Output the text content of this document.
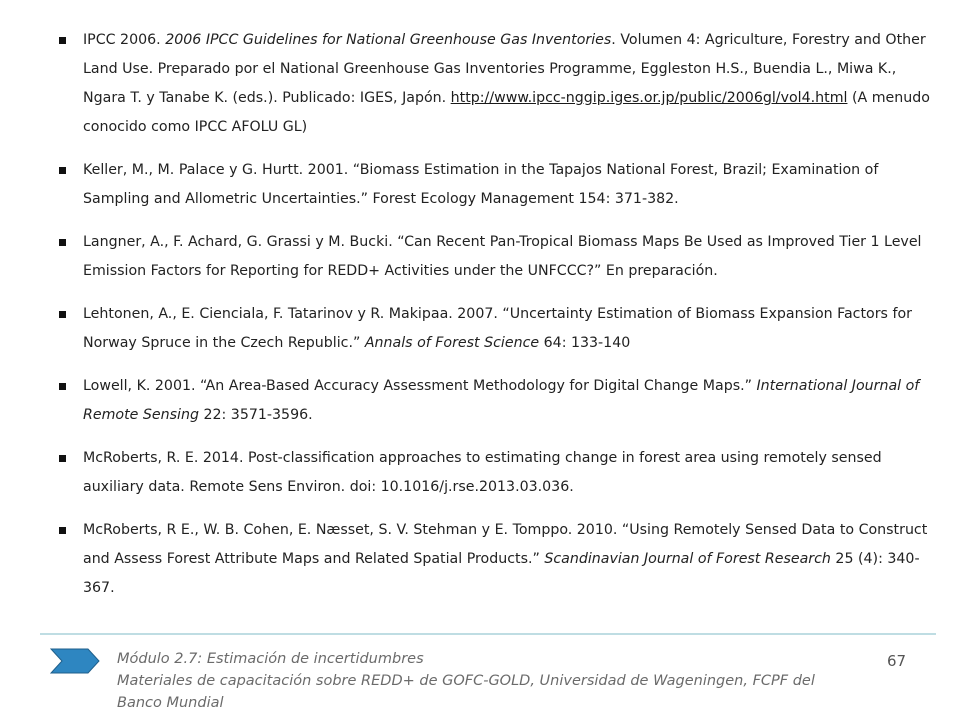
IPCC 2006. 2006 IPCC Guidelines for National Greenhouse Gas Inventories. Volumen 4: Agriculture, Forestry and Other Land Use. Preparado por el National Greenhouse Gas Inventories Programme, Eggleston H.S., Buendia L., Miwa K., Ngara T. y Tanabe K. (eds.). Publicado: IGES, Japón. http://www.ipcc-nggip.iges.or.jp/public/2006gl/vol4.html (A menudo conocido como IPCC AFOLU GL)
Keller, M., M. Palace y G. Hurtt. 2001. “Biomass Estimation in the Tapajos National Forest, Brazil; Examination of Sampling and Allometric Uncertainties.” Forest Ecology Management 154: 371-382.
Langner, A., F. Achard, G. Grassi y M. Bucki. “Can Recent Pan-Tropical Biomass Maps Be Used as Improved Tier 1 Level Emission Factors for Reporting for REDD+ Activities under the UNFCCC?” En preparación.
Lehtonen, A., E. Cienciala, F. Tatarinov y R. Makipaa. 2007. “Uncertainty Estimation of Biomass Expansion Factors for Norway Spruce in the Czech Republic.” Annals of Forest Science 64: 133-140
Lowell, K. 2001. “An Area-Based Accuracy Assessment Methodology for Digital Change Maps.” International Journal of Remote Sensing 22: 3571-3596.
McRoberts, R. E. 2014. Post-classification approaches to estimating change in forest area using remotely sensed auxiliary data. Remote Sens Environ. doi: 10.1016/j.rse.2013.03.036.
McRoberts, R E., W. B. Cohen, E. Næsset, S. V. Stehman y E. Tomppo. 2010. “Using Remotely Sensed Data to Construct and Assess Forest Attribute Maps and Related Spatial Products.” Scandinavian Journal of Forest Research 25 (4): 340-367.
Módulo 2.7: Estimación de incertidumbres
Materiales de capacitación sobre REDD+ de GOFC-GOLD, Universidad de Wageningen, FCPF del Banco Mundial
67
